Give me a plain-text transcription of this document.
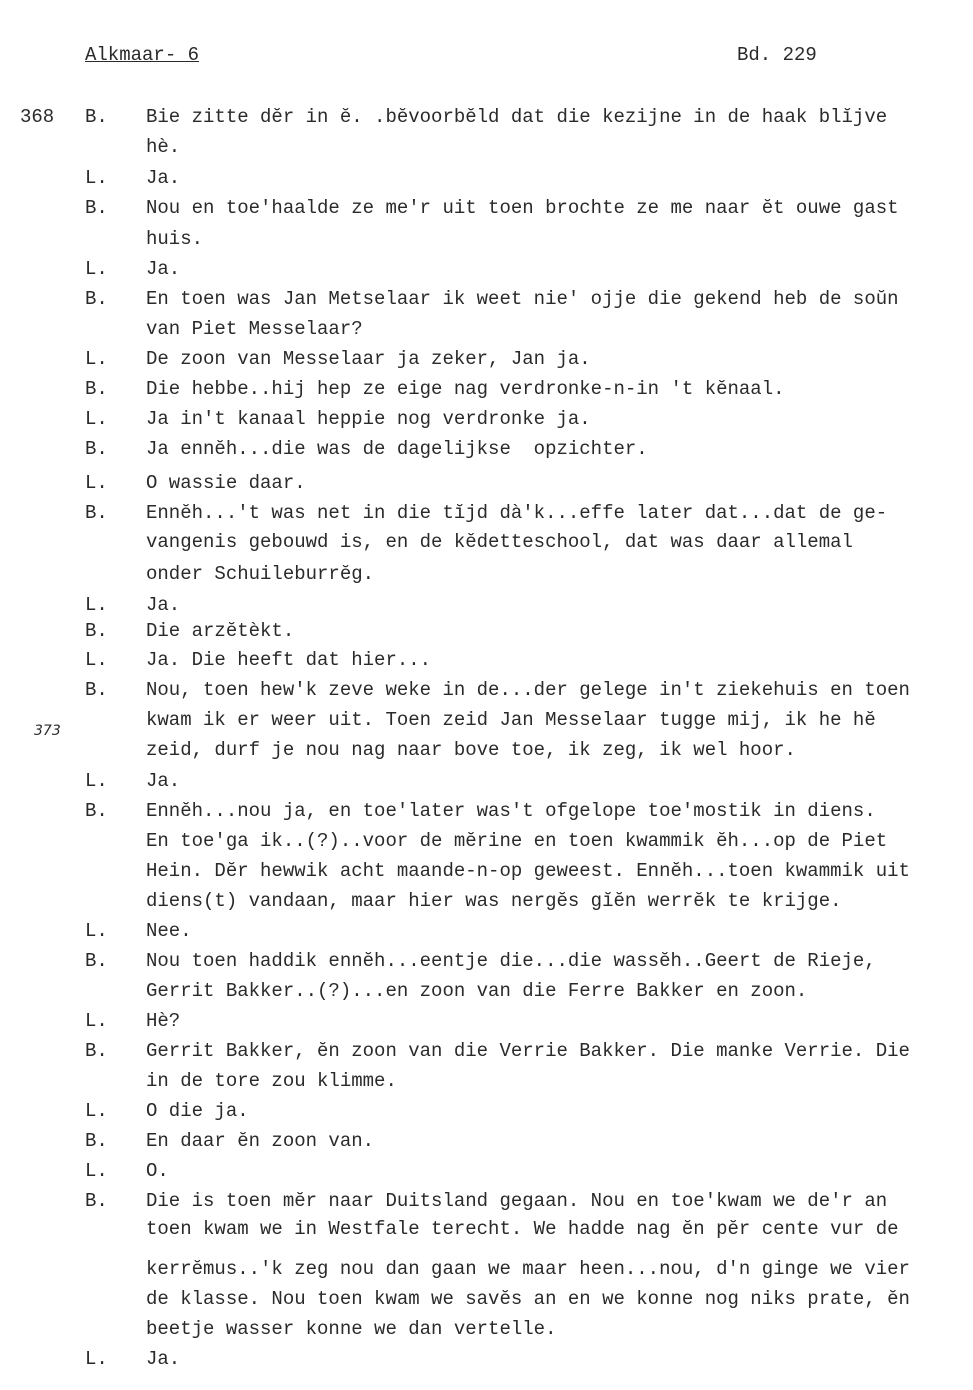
Alkmaar- 6	Bd. 229
368
373
B. Bie zitte dĕr in ĕ. .bĕvoorbĕld dat die kezijne in de haak blĭjve
hè.
L. Ja.
B. Nou en toe'haalde ze me'r uit toen brochte ze me naar ĕt ouwe gast
huis.
L. Ja.
B. En toen was Jan Metselaar ik weet nie' ojje die gekend heb de soŭn
van Piet Messelaar?
L. De zoon van Messelaar ja zeker, Jan ja.
B. Die hebbe..hij hep ze eige nag verdronke-n-in 't kĕnaal.
L. Ja in't kanaal heppie nog verdronke ja.
B. Ja ennĕh...die was de dagelijkse  opzichter.
L. O wassie daar.
B. Ennĕh...'t was net in die tĭjd dà'k...effe later dat...dat de ge-
vangenis gebouwd is, en de kĕdetteschool, dat was daar allemal
onder Schuileburrĕg.
L. Ja.
B. Die arzĕtèkt.
L. Ja. Die heeft dat hier...
B. Nou, toen hew'k zeve weke in de...der gelege in't ziekehuis en toen
kwam ik er weer uit. Toen zeid Jan Messelaar tugge mij, ik he hĕ
zeid, durf je nou nag naar bove toe, ik zeg, ik wel hoor.
L. Ja.
B. Ennĕh...nou ja, en toe'later was't ofgelope toe'mostik in diens.
En toe'ga ik..(?)..voor de mĕrine en toen kwammik ĕh...op de Piet
Hein. Dĕr hewwik acht maande-n-op geweest. Ennĕh...toen kwammik uit
diens(t) vandaan, maar hier was nergĕs gĭĕn werrĕk te krijge.
L. Nee.
B. Nou toen haddik ennĕh...eentje die...die wassĕh..Geert de Rieje,
Gerrit Bakker..(?)...en zoon van die Ferre Bakker en zoon.
L. Hè?
B. Gerrit Bakker, ĕn zoon van die Verrie Bakker. Die manke Verrie. Die
in de tore zou klimme.
L. O die ja.
B. En daar ĕn zoon van.
L. O.
B. Die is toen mĕr naar Duitsland gegaan. Nou en toe'kwam we de'r an
toen kwam we in Westfale terecht. We hadde nag ĕn pĕr cente vur de
kerrĕmus..'k zeg nou dan gaan we maar heen...nou, d'n ginge we vier
de klasse. Nou toen kwam we savĕs an en we konne nog niks prate, ĕn
beetje wasser konne we dan vertelle.
L. Ja.
